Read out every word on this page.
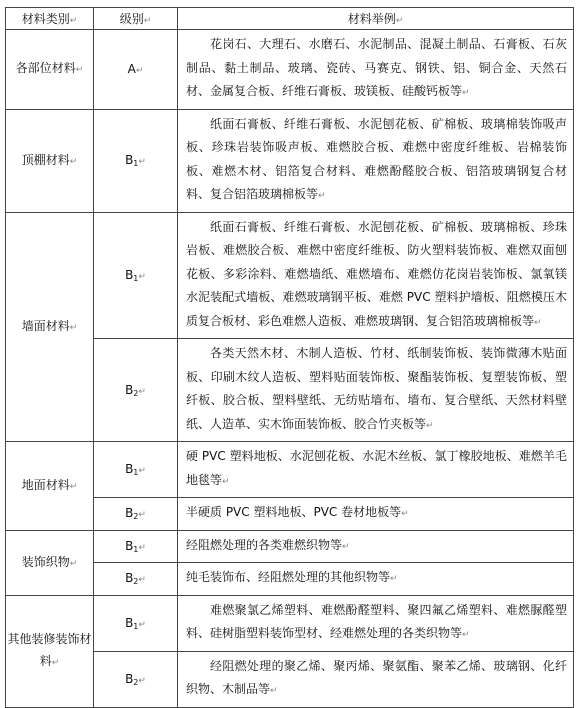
材料类别↵	级别↵	材料举例↵
各部位材料↵	A↵	花岗石、大理石、水磨石、水泥制品、混凝土制品、石膏板、石灰制品、黏土制品、玻璃、瓷砖、马赛克、钢铁、铝、铜合金、天然石材、金属复合板、纤维石膏板、玻镁板、硅酸钙板等↵
顶棚材料↵	$B_1↵$	纸面石膏板、纤维石膏板、水泥刨花板、矿棉板、玻璃棉装饰吸声板、珍珠岩装饰吸声板、难燃胶合板、难燃中密度纤维板、岩棉装饰板、难燃木材、铝箔复合材料、难燃酚醛胶合板、铝箔玻璃钢复合材料、复合铝箔玻璃棉板等↵
墙面材料↵	$B_1↵$	纸面石膏板、纤维石膏板、水泥刨花板、矿棉板、玻璃棉板、珍珠岩板、难燃胶合板、难燃中密度纤维板、防火塑料装饰板、难燃双面刨花板、多彩涂料、难燃墙纸、难燃墙布、难燃仿花岗岩装饰板、氯氧镁水泥装配式墙板、难燃玻璃钢平板、难燃 PVC 塑料护墙板、阻燃模压木质复合板材、彩色难燃人造板、难燃玻璃钢、复合铝箔玻璃棉板等↵
	$B_2↵$	各类天然木材、木制人造板、竹材、纸制装饰板、装饰微薄木贴面板、印刷木纹人造板、塑料贴面装饰板、聚酯装饰板、复塑装饰板、塑纤板、胶合板、塑料壁纸、无纺贴墙布、墙布、复合壁纸、天然材料壁纸、人造革、实木饰面装饰板、胶合竹夹板等↵
地面材料↵	$B_1↵$	硬 PVC 塑料地板、水泥刨花板、水泥木丝板、氯丁橡胶地板、难燃羊毛地毯等↵
	$B_2↵$	半硬质 PVC 塑料地板、PVC 卷材地板等↵
装饰织物↵	$B_1↵$	经阻燃处理的各类难燃织物等↵
	$B_2↵$	纯毛装饰布、经阻燃处理的其他织物等↵
其他装修装饰材料↵	$B_1↵$	难燃聚氯乙烯塑料、难燃酚醛塑料、聚四氟乙烯塑料、难燃脲醛塑料、硅树脂塑料装饰型材、经难燃处理的各类织物等↵
	$B_2↵$	经阻燃处理的聚乙烯、聚丙烯、聚氨酯、聚苯乙烯、玻璃钢、化纤织物、木制品等↵
